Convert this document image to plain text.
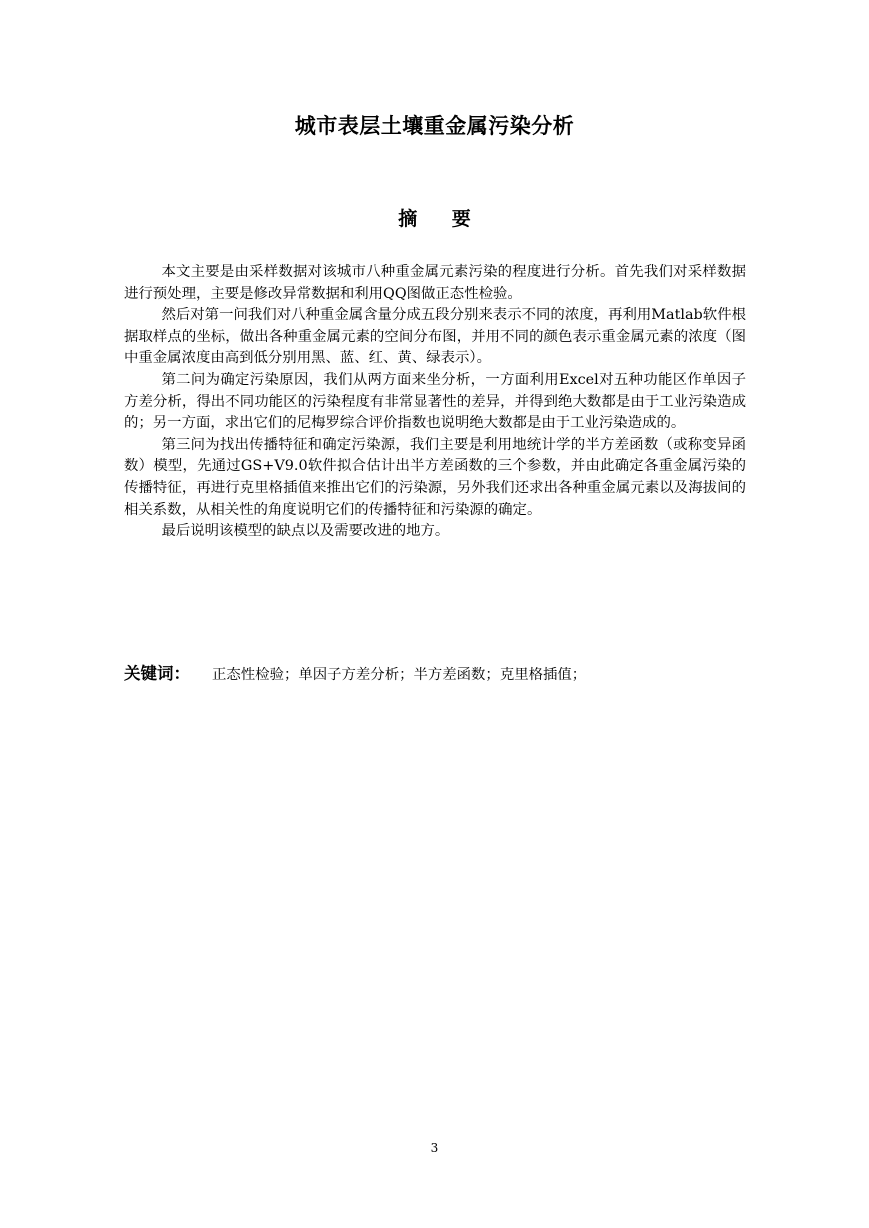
城市表层土壤重金属污染分析
摘 要

本文主要是由采样数据对该城市八种重金属元素污染的程度进行分析。首先我们对采样数据进行预处理，主要是修改异常数据和利用QQ图做正态性检验。

然后对第一问我们对八种重金属含量分成五段分别来表示不同的浓度，再利用Matlab软件根据取样点的坐标，做出各种重金属元素的空间分布图，并用不同的颜色表示重金属元素的浓度（图中重金属浓度由高到低分别用黑、蓝、红、黄、绿表示）。

第二问为确定污染原因，我们从两方面来坐分析，一方面利用Excel对五种功能区作单因子方差分析，得出不同功能区的污染程度有非常显著性的差异，并得到绝大数都是由于工业污染造成的；另一方面，求出它们的尼梅罗综合评价指数也说明绝大数都是由于工业污染造成的。

第三问为找出传播特征和确定污染源，我们主要是利用地统计学的半方差函数（或称变异函数）模型，先通过GS+V9.0软件拟合估计出半方差函数的三个参数，并由此确定各重金属污染的传播特征，再进行克里格插值来推出它们的污染源，另外我们还求出各种重金属元素以及海拔间的相关系数，从相关性的角度说明它们的传播特征和污染源的确定。

最后说明该模型的缺点以及需要改进的地方。

关键词： 正态性检验；单因子方差分析；半方差函数；克里格插值；
3
